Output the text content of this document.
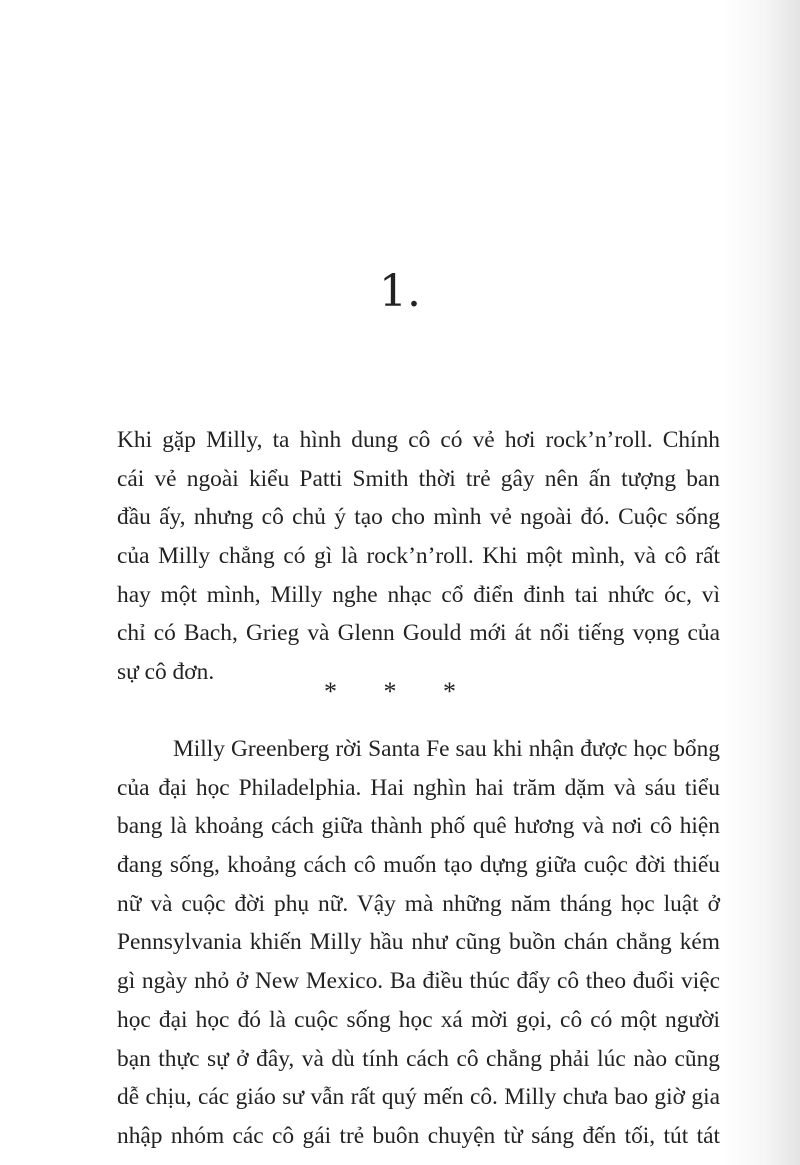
1.
Khi gặp Milly, ta hình dung cô có vẻ hơi rock’n’roll. Chính
cái vẻ ngoài kiểu Patti Smith thời trẻ gây nên ấn tượng ban
đầu ấy, nhưng cô chủ ý tạo cho mình vẻ ngoài đó. Cuộc sống
của Milly chẳng có gì là rock’n’roll. Khi một mình, và cô rất
hay một mình, Milly nghe nhạc cổ điển đinh tai nhức óc, vì
chỉ có Bach, Grieg và Glenn Gould mới át nổi tiếng vọng của
sự cô đơn.
* * *
Milly Greenberg rời Santa Fe sau khi nhận được học bổng
của đại học Philadelphia. Hai nghìn hai trăm dặm và sáu tiểu
bang là khoảng cách giữa thành phố quê hương và nơi cô hiện
đang sống, khoảng cách cô muốn tạo dựng giữa cuộc đời thiếu
nữ và cuộc đời phụ nữ. Vậy mà những năm tháng học luật ở
Pennsylvania khiến Milly hầu như cũng buồn chán chẳng kém
gì ngày nhỏ ở New Mexico. Ba điều thúc đẩy cô theo đuổi việc
học đại học đó là cuộc sống học xá mời gọi, cô có một người
bạn thực sự ở đây, và dù tính cách cô chẳng phải lúc nào cũng
dễ chịu, các giáo sư vẫn rất quý mến cô. Milly chưa bao giờ gia
nhập nhóm các cô gái trẻ buôn chuyện từ sáng đến tối, tút tát
